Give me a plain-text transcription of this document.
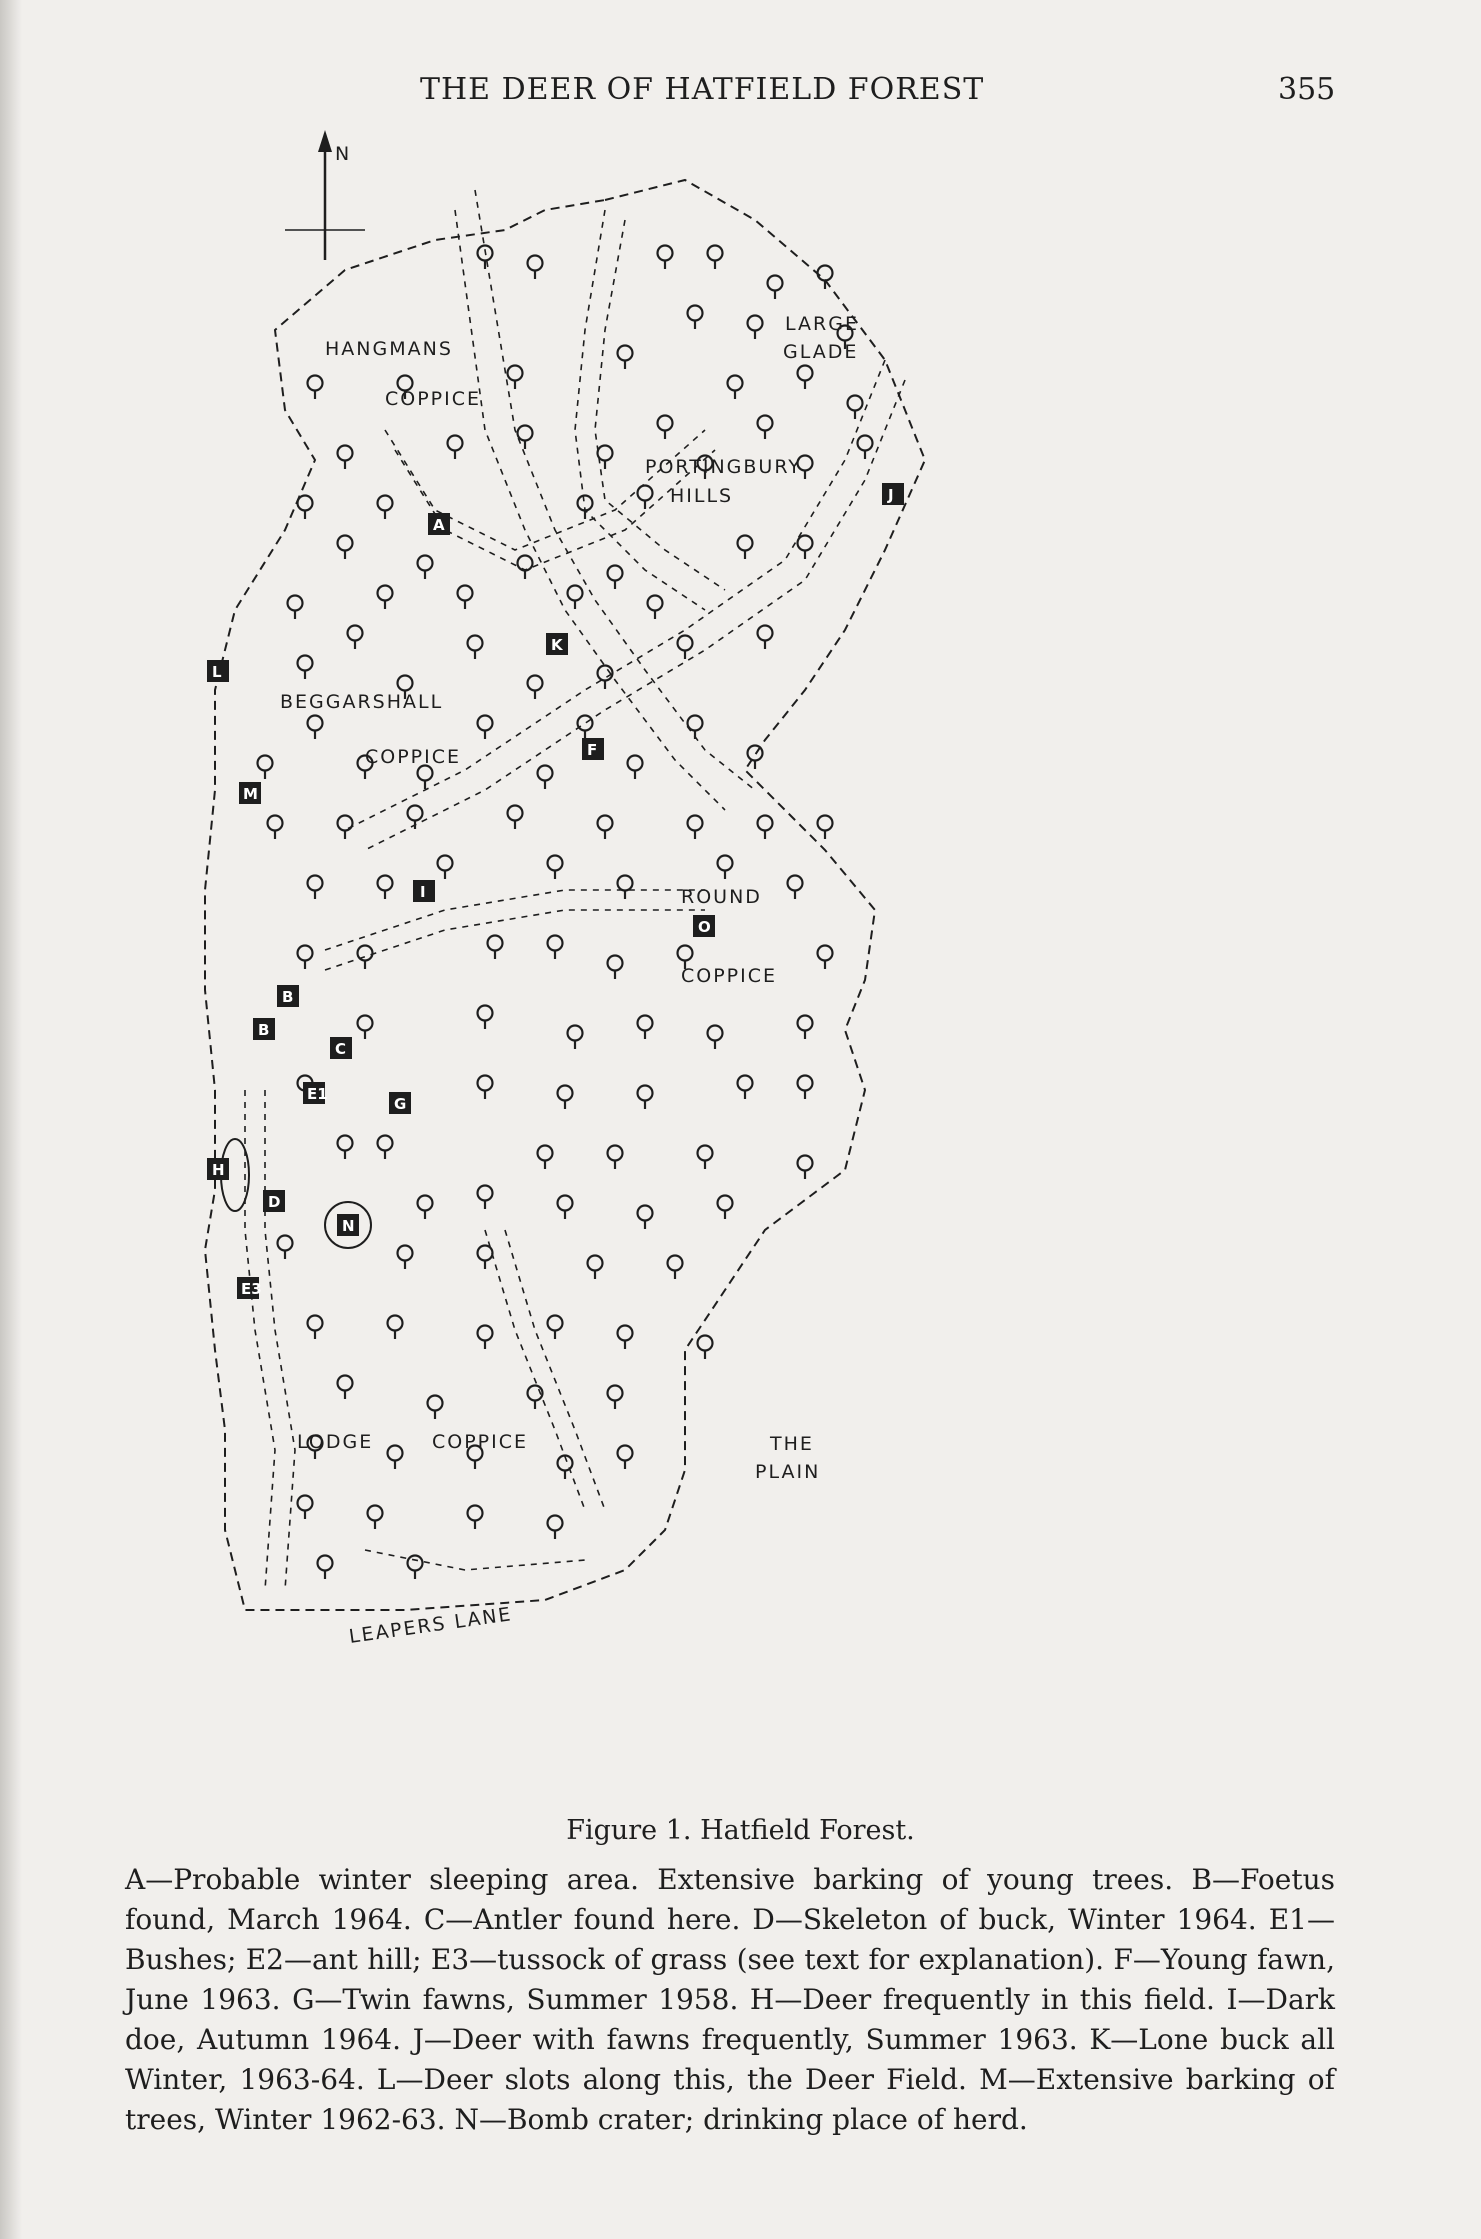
THE DEER OF HATFIELD FOREST	355
N
HANGMANS
COPPICE
LARGE
GLADE
PORTINGBURY
HILLS
BEGGARSHALL
COPPICE
ROUND
COPPICE
LODGE	COPPICE	THE
PLAIN
LEAPERS LANE
A
J
K
L
F
M
I
O
B
B
C
E1
G
H
D
N
E3
Figure 1. Hatfield Forest.
A—Probable winter sleeping area. Extensive barking of young trees. B—Foetus found, March 1964. C—Antler found here. D—Skeleton of buck, Winter 1964. E1—Bushes; E2—ant hill; E3—tussock of grass (see text for explanation). F—Young fawn, June 1963. G—Twin fawns, Summer 1958. H—Deer frequently in this field. I—Dark doe, Autumn 1964. J—Deer with fawns frequently, Summer 1963. K—Lone buck all Winter, 1963-64. L—Deer slots along this, the Deer Field. M—Extensive barking of trees, Winter 1962-63. N—Bomb crater; drinking place of herd.
